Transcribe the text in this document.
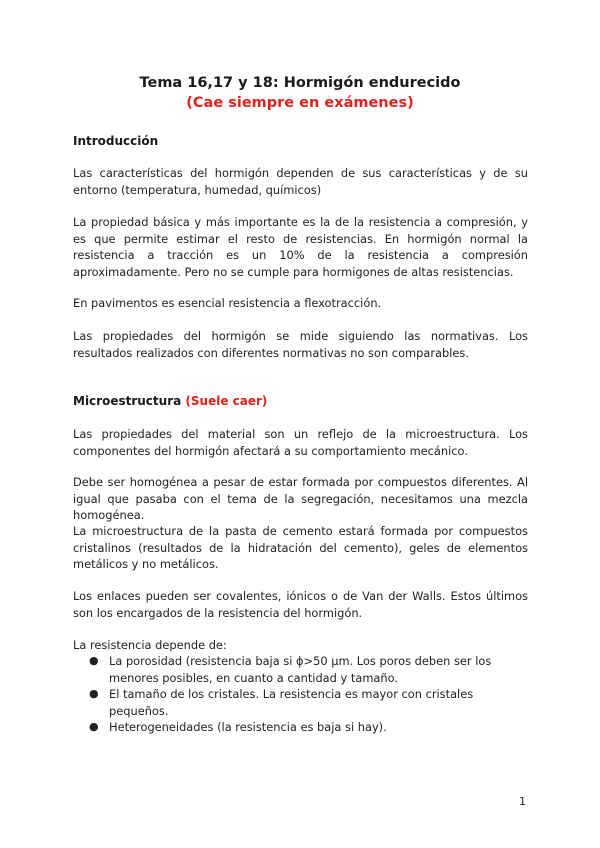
Tema 16,17 y 18: Hormigón endurecido
(Cae siempre en exámenes)
Introducción

Las características del hormigón dependen de sus características y de su entorno (temperatura, humedad, químicos)

La propiedad básica y más importante es la de la resistencia a compresión, y es que permite estimar el resto de resistencias. En hormigón normal la resistencia a tracción es un 10% de la resistencia a compresión aproximadamente. Pero no se cumple para hormigones de altas resistencias.

En pavimentos es esencial resistencia a flexotracción.

Las propiedades del hormigón se mide siguiendo las normativas. Los resultados realizados con diferentes normativas no son comparables.

Microestructura (Suele caer)

Las propiedades del material son un reflejo de la microestructura. Los componentes del hormigón afectará a su comportamiento mecánico.

Debe ser homogénea a pesar de estar formada por compuestos diferentes. Al igual que pasaba con el tema de la segregación, necesitamos una mezcla homogénea.

La microestructura de la pasta de cemento estará formada por compuestos cristalinos (resultados de la hidratación del cemento), geles de elementos metálicos y no metálicos.

Los enlaces pueden ser covalentes, iónicos o de Van der Walls. Estos últimos son los encargados de la resistencia del hormigón.

La resistencia depende de:

● La porosidad (resistencia baja si ϕ>50 µm. Los poros deben ser los menores posibles, en cuanto a cantidad y tamaño.
● El tamaño de los cristales. La resistencia es mayor con cristales pequeños.
● Heterogeneidades (la resistencia es baja si hay).
1
